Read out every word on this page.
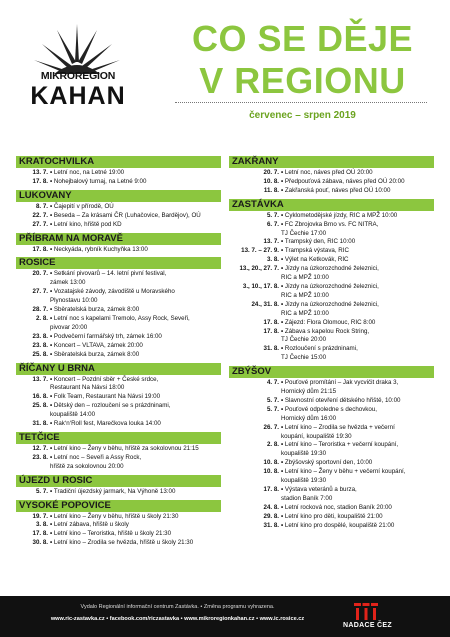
MIKROREGION
KAHAN
CO SE DĚJE
V REGIONU
červenec – srpen 2019
KRATOCHVILKA
13. 7. • Letní noc, na Letné 19:00
17. 8. • Nohejbalový turnaj, na Letné 9:00
LUKOVANY
8. 7. • Čajepití v přírodě, OÚ
22. 7. • Beseda – Za krásami ČR (Luhačovice, Bardějov), OÚ
27. 7. • Letní kino, hřiště pod KD
PŘÍBRAM NA MORAVĚ
17. 8. • Neckyáda, rybník Kuchyňka 13:00
ROSICE
20. 7. • Setkání pivovarů – 14. letní pivní festival,
zámek 13:00
27. 7. • Vozatajské závody, závodiště u Moravského
Plynostavu 10:00
28. 7. • Sběratelská burza, zámek 8:00
2. 8. • Letní noc s kapelami Tremolo, Assy Rock, Seveři,
pivovar 20:00
23. 8. • Podvečerní farmářský trh, zámek 16:00
23. 8. • Koncert – VLTAVA, zámek 20:00
25. 8. • Sběratelská burza, zámek 8:00
ŘÍČANY U BRNA
13. 7. • Koncert – Pozdní sběr + České srdce,
Restaurant Na Návsi 18:00
16. 8. • Folk Team, Restaurant Na Návsi 19:00
25. 8. • Dětský den – rozloučení se s prázdninami,
koupaliště 14:00
31. 8. • Rak‘n‘Roll fest, Marečkova louka 14:00
TETČICE
12. 7. • Letní kino – Ženy v běhu, hřiště za sokolovnou 21:15
23. 8. • Letní noc – Seveři a Assy Rock,
hřiště za sokolovnou 20:00
ÚJEZD U ROSIC
5. 7. • Tradiční újezdský jarmark, Na Výhoně 13:00
VYSOKÉ POPOVICE
19. 7. • Letní kino – Ženy v běhu, hřiště u školy 21:30
3. 8. • Letní zábava, hřiště u školy
17. 8. • Letní kino – Teroristka, hřiště u školy 21:30
30. 8. • Letní kino – Zrodila se hvězda, hřiště u školy 21:30
ZAKŘANY
20. 7. • Letní noc, náves před OÚ 20:00
10. 8. • Předpouťová zábava, náves před OÚ 20:00
11. 8. • Zakřanská pouť, náves před OÚ 10:00
ZASTÁVKA
5. 7. • Cyklometodějské jízdy, RIC a MPŽ 10:00
6. 7. • FC Zbrojovka Brno vs. FC NITRA,
TJ Čechie 17:00
13. 7. • Trampský den, RIC 10:00
13. 7. – 27. 9. • Trampská výstava, RIC
3. 8. • Výlet na Ketkovák, RIC
13., 20., 27. 7. • Jízdy na úzkorozchodné železnici,
RIC a MPŽ 10:00
3., 10., 17. 8. • Jízdy na úzkorozchodné železnici,
RIC a MPŽ 10:00
24., 31. 8. • Jízdy na úzkorozchodné železnici,
RIC a MPŽ 10:00
17. 8. • Zájezd: Flora Olomouc, RIC 8:00
17. 8. • Zábava s kapelou Rock String,
TJ Čechie 20:00
31. 8. • Rozloučení s prázdninami,
TJ Čechie 15:00
ZBÝŠOV
4. 7. • Pouťové promítání – Jak vycvičit draka 3,
Hornický dům 21:15
5. 7. • Slavnostní otevření dětského hřiště, 10:00
5. 7. • Pouťové odpoledne s dechovkou,
Hornický dům 16:00
26. 7. • Letní kino – Zrodila se hvězda + večerní
koupání, koupaliště 19:30
2. 8. • Letní kino – Teroristka + večerní koupání,
koupaliště 19:30
10. 8. • Zbýšovský sportovní den, 10:00
10. 8. • Letní kino – Ženy v běhu + večerní koupání,
koupaliště 19:30
17. 8. • Výstava veteránů a burza,
stadion Baník 7:00
24. 8. • Letní rocková noc, stadion Baník 20:00
29. 8. • Letní kino pro děti, koupaliště 21:00
31. 8. • Letní kino pro dospělé, koupaliště 21:00
Vydalo Regionální informační centrum Zastávka. • Změna programu vyhrazena.
www.ric-zastavka.cz • facebook.com/riczastavka • www.mikroregionkahan.cz • www.ic.rosice.cz
NADACE ČEZ
